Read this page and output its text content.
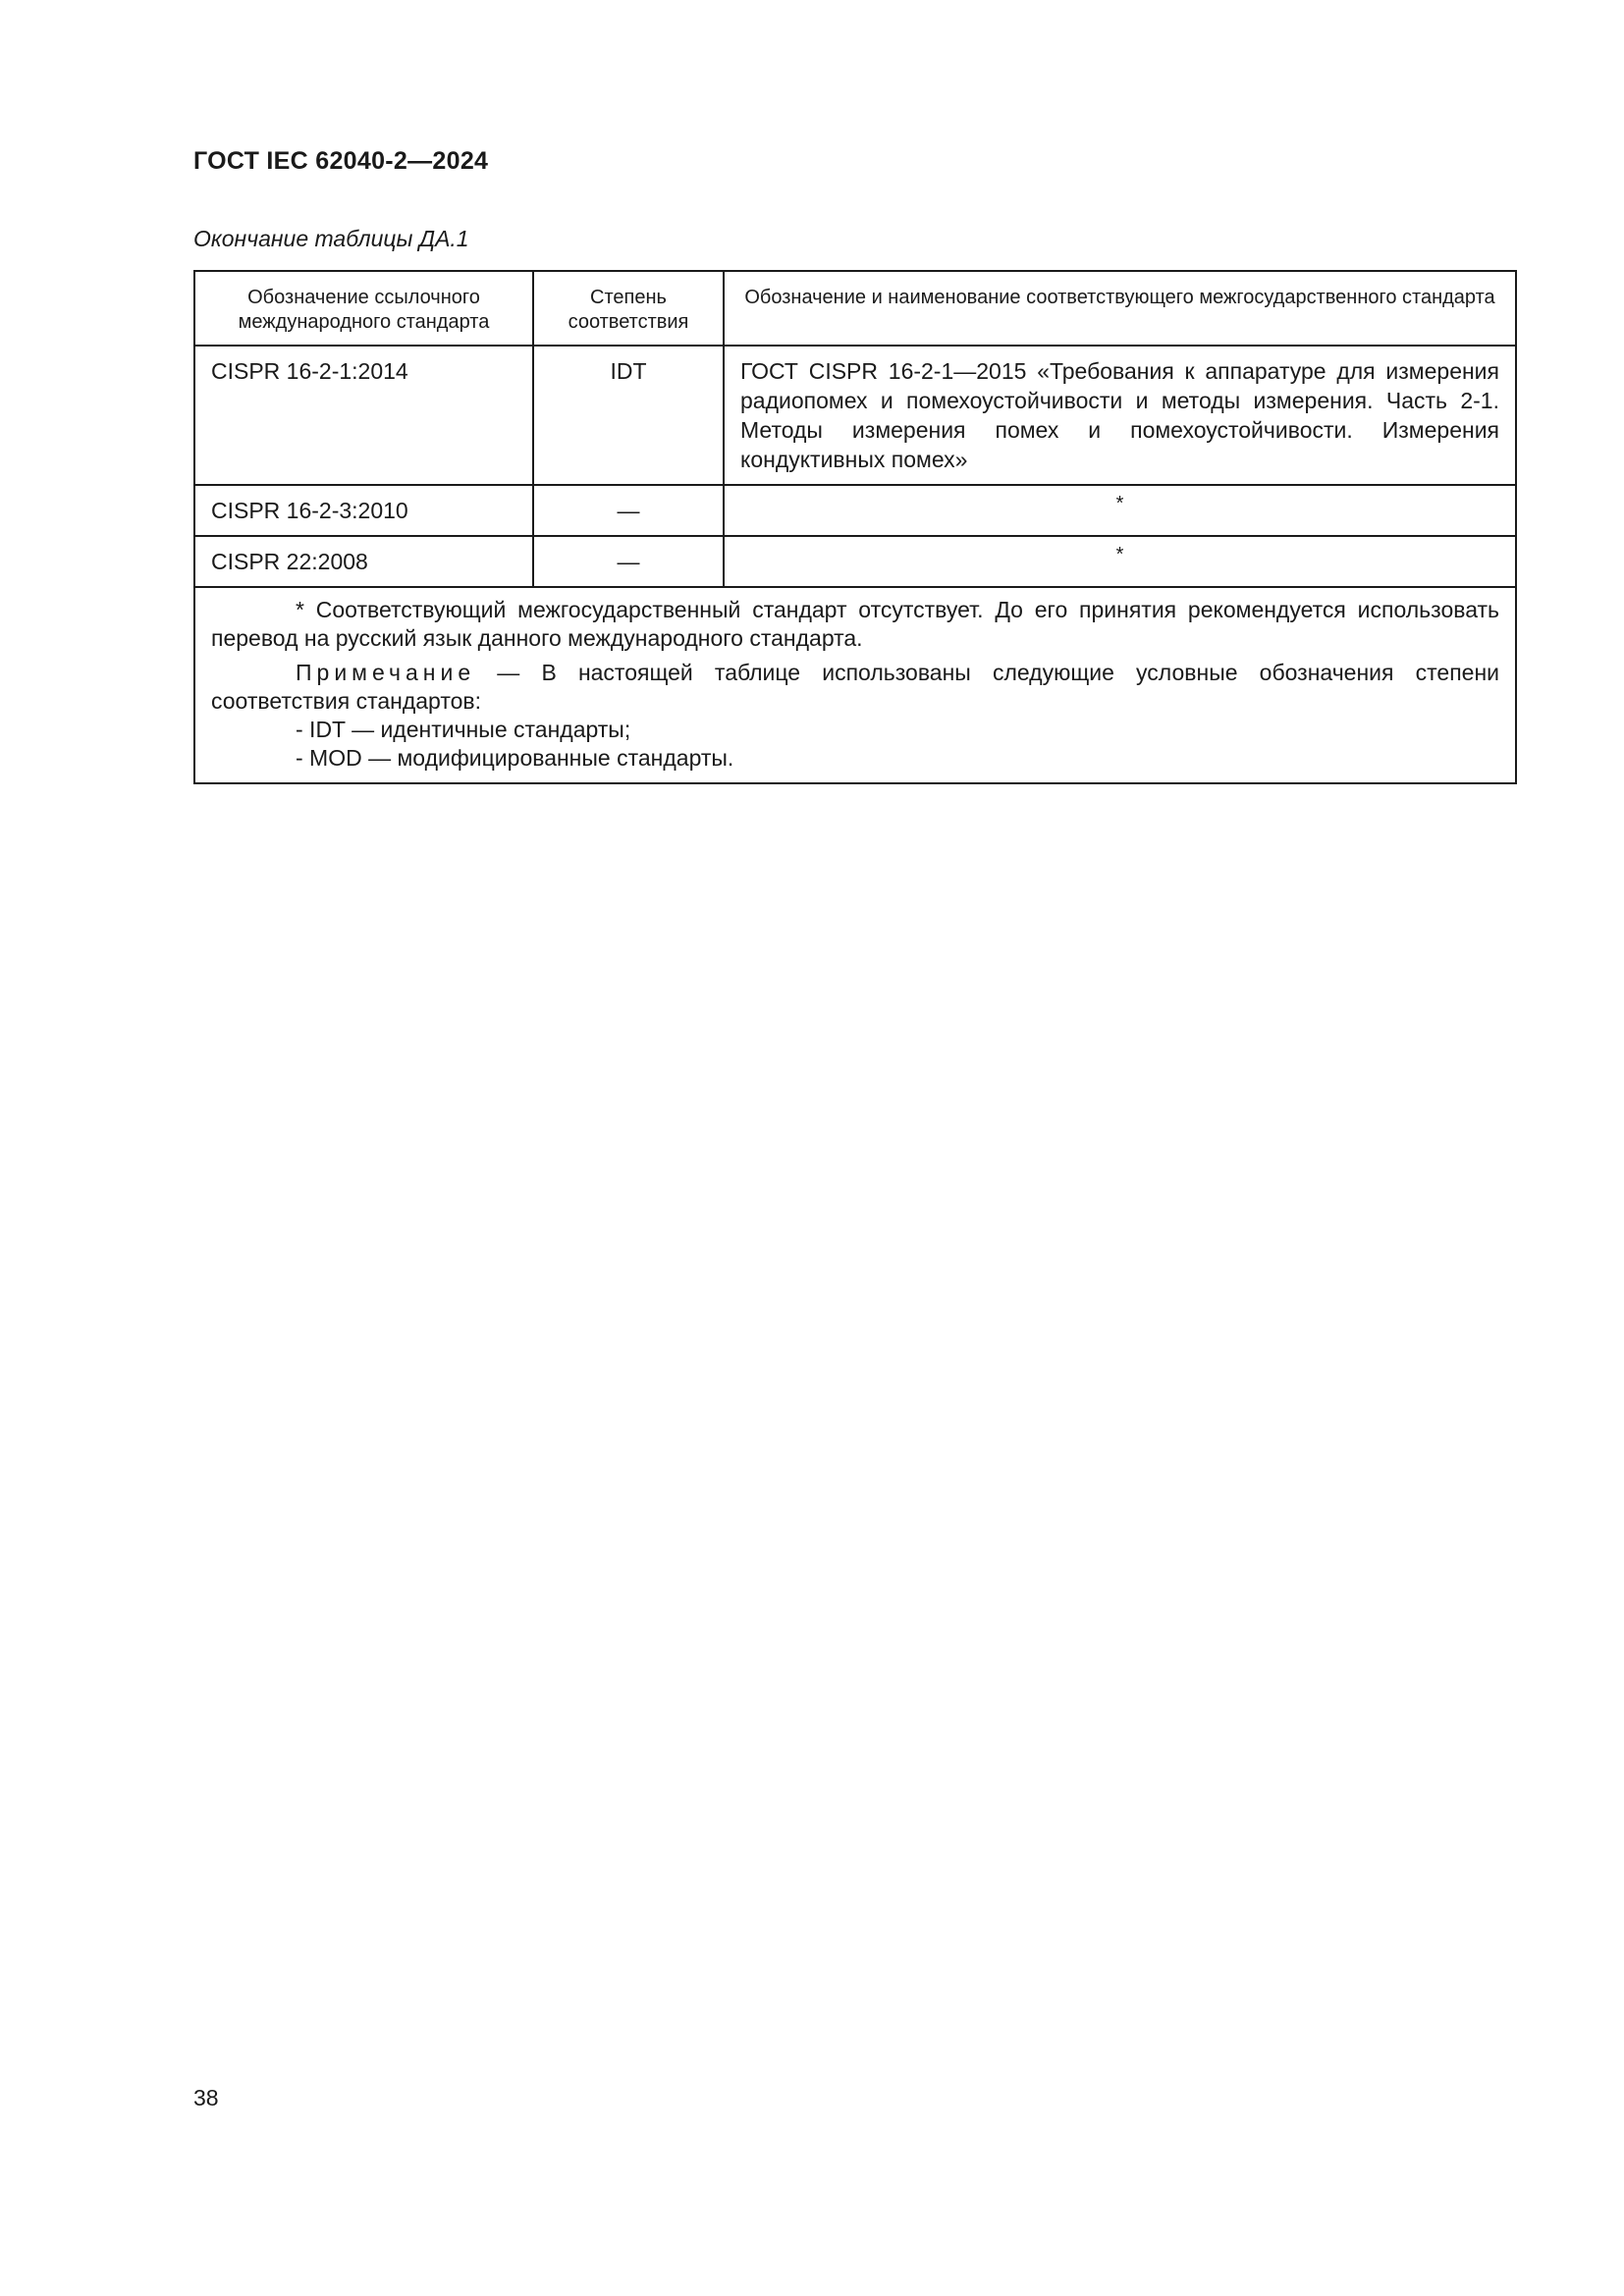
ГОСТ IEC 62040-2—2024
Окончание таблицы ДА.1
Обозначение ссылочного международного стандарта	Степень соответствия	Обозначение и наименование соответствующего межгосударственного стандарта
CISPR 16-2-1:2014	IDT	ГОСТ CISPR 16-2-1—2015 «Требования к аппаратуре для измерения радиопомех и помехоустойчивости и методы измерения. Часть 2-1. Методы измерения помех и помехоустойчивости. Измерения кондуктивных помех»
CISPR 16-2-3:2010	—	*
CISPR 22:2008	—	*

* Соответствующий межгосударственный стандарт отсутствует. До его принятия рекомендуется использовать перевод на русский язык данного международного стандарта.

Примечание — В настоящей таблице использованы следующие условные обозначения степени соответствия стандартов:

- IDT — идентичные стандарты;

- MOD — модифицированные стандарты.		

38
